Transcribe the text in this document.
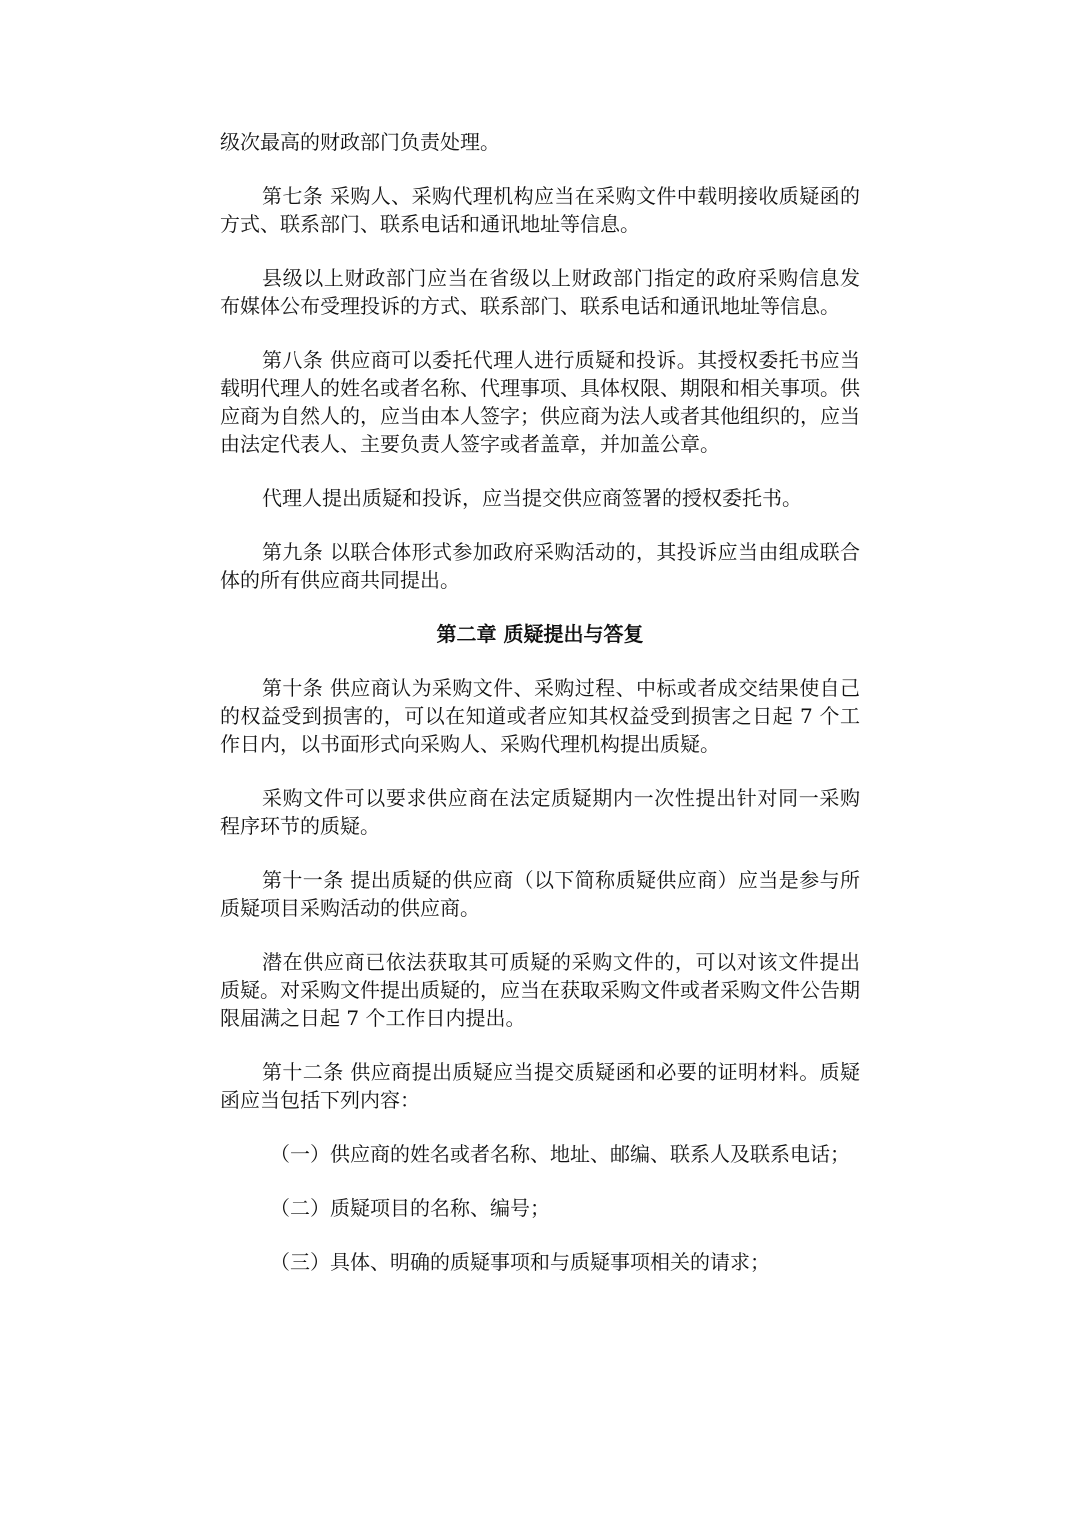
级次最高的财政部门负责处理。

第七条 采购人、采购代理机构应当在采购文件中载明接收质疑函的方式、联系部门、联系电话和通讯地址等信息。

县级以上财政部门应当在省级以上财政部门指定的政府采购信息发布媒体公布受理投诉的方式、联系部门、联系电话和通讯地址等信息。

第八条 供应商可以委托代理人进行质疑和投诉。其授权委托书应当载明代理人的姓名或者名称、代理事项、具体权限、期限和相关事项。供应商为自然人的，应当由本人签字；供应商为法人或者其他组织的，应当由法定代表人、主要负责人签字或者盖章，并加盖公章。

代理人提出质疑和投诉，应当提交供应商签署的授权委托书。

第九条 以联合体形式参加政府采购活动的，其投诉应当由组成联合体的所有供应商共同提出。

第二章 质疑提出与答复

第十条 供应商认为采购文件、采购过程、中标或者成交结果使自己的权益受到损害的，可以在知道或者应知其权益受到损害之日起 7 个工作日内，以书面形式向采购人、采购代理机构提出质疑。

采购文件可以要求供应商在法定质疑期内一次性提出针对同一采购程序环节的质疑。

第十一条 提出质疑的供应商（以下简称质疑供应商）应当是参与所质疑项目采购活动的供应商。

潜在供应商已依法获取其可质疑的采购文件的，可以对该文件提出质疑。对采购文件提出质疑的，应当在获取采购文件或者采购文件公告期限届满之日起 7 个工作日内提出。

第十二条 供应商提出质疑应当提交质疑函和必要的证明材料。质疑函应当包括下列内容：

（一）供应商的姓名或者名称、地址、邮编、联系人及联系电话；

（二）质疑项目的名称、编号；

（三）具体、明确的质疑事项和与质疑事项相关的请求；
